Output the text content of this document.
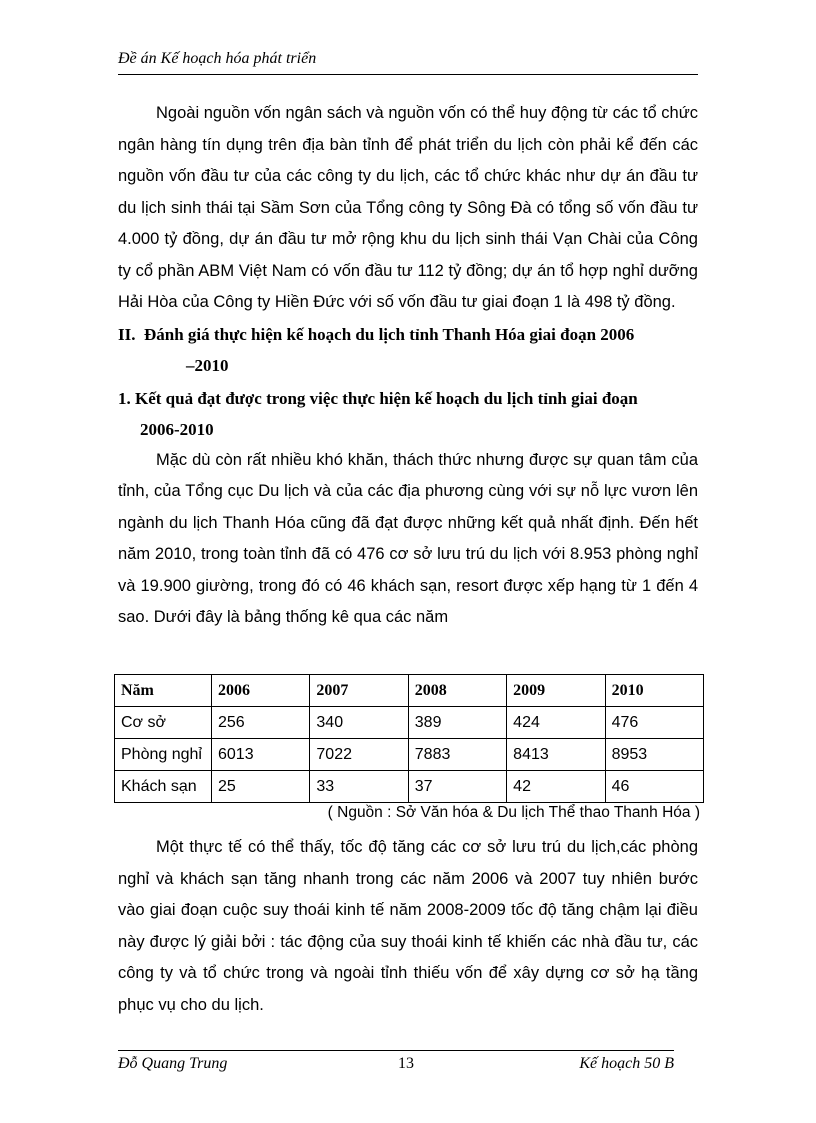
Đề án Kế hoạch hóa phát triển

Ngoài nguồn vốn ngân sách và nguồn vốn có thể huy động từ các tổ chức ngân hàng tín dụng trên địa bàn tỉnh để phát triển du lịch còn phải kể đến các nguồn vốn đầu tư của các công ty du lịch, các tổ chức khác như dự án đầu tư du lịch sinh thái tại Sầm Sơn của Tổng công ty Sông Đà có tổng số vốn đầu tư 4.000 tỷ đồng, dự án đầu tư mở rộng khu du lịch sinh thái Vạn Chài của Công ty cổ phần ABM Việt Nam có vốn đầu tư 112 tỷ đồng; dự án tổ hợp nghỉ dưỡng Hải Hòa của Công ty Hiền Đức với số vốn đầu tư giai đoạn 1 là 498 tỷ đồng.

II. Đánh giá thực hiện kế hoạch du lịch tỉnh Thanh Hóa giai đoạn 2006
–2010
1. Kết quả đạt được trong việc thực hiện kế hoạch du lịch tỉnh giai đoạn
2006-2010

Mặc dù còn rất nhiều khó khăn, thách thức nhưng được sự quan tâm của tỉnh, của Tổng cục Du lịch và của các địa phương cùng với sự nỗ lực vươn lên ngành du lịch Thanh Hóa cũng đã đạt được những kết quả nhất định. Đến hết năm 2010, trong toàn tỉnh đã có 476 cơ sở lưu trú du lịch với 8.953 phòng nghỉ và 19.900 giường, trong đó có 46 khách sạn, resort được xếp hạng từ 1 đến 4 sao. Dưới đây là bảng thống kê qua các năm

Năm	2006	2007	2008	2009	2010
Cơ sở	256	340	389	424	476
Phòng nghỉ	6013	7022	7883	8413	8953
Khách sạn	25	33	37	42	46
( Nguồn : Sở Văn hóa & Du lịch Thể thao Thanh Hóa )

Một thực tế có thể thấy, tốc độ tăng các cơ sở lưu trú du lịch,các phòng nghỉ và khách sạn tăng nhanh trong các năm 2006 và 2007 tuy nhiên bước vào giai đoạn cuộc suy thoái kinh tế năm 2008-2009 tốc độ tăng chậm lại điều này được lý giải bởi : tác động của suy thoái kinh tế khiến các nhà đầu tư, các công ty và tổ chức trong và ngoài tỉnh thiếu vốn để xây dựng cơ sở hạ tầng phục vụ cho du lịch.

Đỗ Quang Trung	13	Kế hoạch 50 B
